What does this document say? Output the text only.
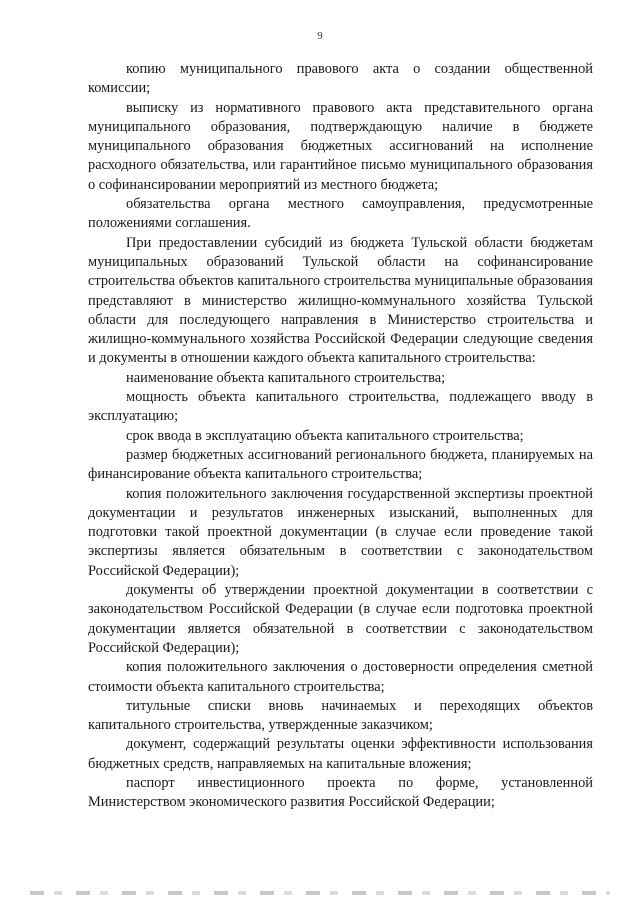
9

копию муниципального правового акта о создании общественной комиссии;

выписку из нормативного правового акта представительного органа муниципального образования, подтверждающую наличие в бюджете муниципального образования бюджетных ассигнований на исполнение расходного обязательства, или гарантийное письмо муниципального образования о софинансировании мероприятий из местного бюджета;

обязательства органа местного самоуправления, предусмотренные положениями соглашения.

При предоставлении субсидий из бюджета Тульской области бюджетам муниципальных образований Тульской области на софинансирование строительства объектов капитального строительства муниципальные образования представляют в министерство жилищно-коммунального хозяйства Тульской области для последующего направления в Министерство строительства и жилищно-коммунального хозяйства Российской Федерации следующие сведения и документы в отношении каждого объекта капитального строительства:

наименование объекта капитального строительства;

мощность объекта капитального строительства, подлежащего вводу в эксплуатацию;

срок ввода в эксплуатацию объекта капитального строительства;

размер бюджетных ассигнований регионального бюджета, планируемых на финансирование объекта капитального строительства;

копия положительного заключения государственной экспертизы проектной документации и результатов инженерных изысканий, выполненных для подготовки такой проектной документации (в случае если проведение такой экспертизы является обязательным в соответствии с законодательством Российской Федерации);

документы об утверждении проектной документации в соответствии с законодательством Российской Федерации (в случае если подготовка проектной документации является обязательной в соответствии с законодательством Российской Федерации);

копия положительного заключения о достоверности определения сметной стоимости объекта капитального строительства;

титульные списки вновь начинаемых и переходящих объектов капитального строительства, утвержденные заказчиком;

документ, содержащий результаты оценки эффективности использования бюджетных средств, направляемых на капитальные вложения;

паспорт инвестиционного проекта по форме, установленной Министерством экономического развития Российской Федерации;
